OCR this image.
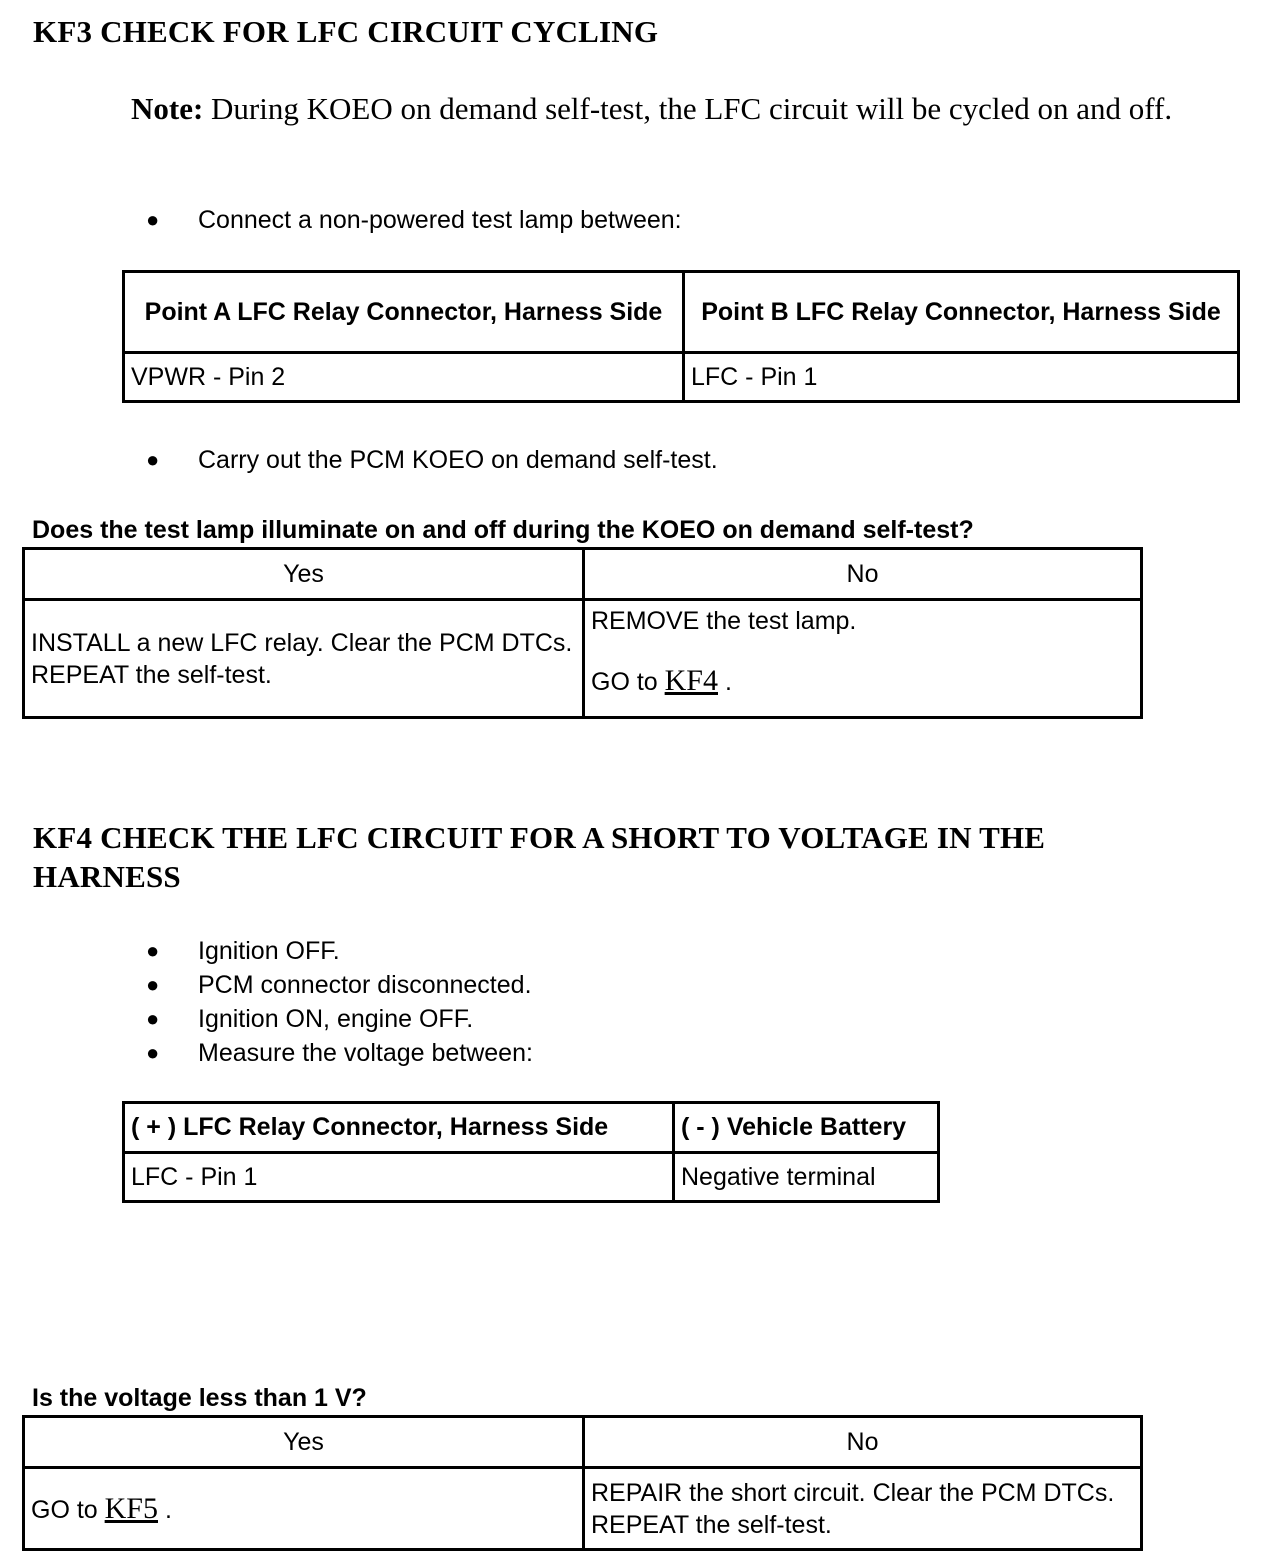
KF3 CHECK FOR LFC CIRCUIT CYCLING
Note: During KOEO on demand self-test, the LFC circuit will be cycled on and off.
● Connect a non-powered test lamp between:
Point A LFC Relay Connector, Harness Side	Point B LFC Relay Connector, Harness Side
VPWR - Pin 2	LFC - Pin 1
● Carry out the PCM KOEO on demand self-test.
Does the test lamp illuminate on and off during the KOEO on demand self-test?
Yes	No
INSTALL a new LFC relay. Clear the PCM DTCs. REPEAT the self-test.	REMOVE the test lamp.
GO to KF4 .
KF4 CHECK THE LFC CIRCUIT FOR A SHORT TO VOLTAGE IN THE
HARNESS
● Ignition OFF.
● PCM connector disconnected.
● Ignition ON, engine OFF.
● Measure the voltage between:
( + ) LFC Relay Connector, Harness Side	( - ) Vehicle Battery
LFC - Pin 1	Negative terminal
Is the voltage less than 1 V?
Yes	No
GO to KF5 .	REPAIR the short circuit. Clear the PCM DTCs. REPEAT the self-test.
